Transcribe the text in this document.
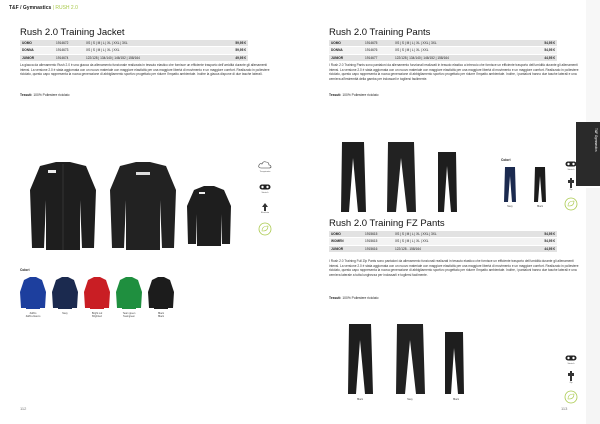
T&F / Gymnastics | RUSH 2.0
Rush 2.0 Training Jacket
UOMO	1914672	XS | S | M | L | XL | XXL | 3XL	59,95 €
DONNA	1914673	XS | S | M | L | XL | XXL	59,95 €
JUNIOR	1914674	122/128 | 134/140 | 146/152 | 158/164	49,95 €
La giacca da allenamento Rush 2.0 è una giacca da allenamento funzionale realizzata in tessuto elastico che fornisce un efficiente trasporto dell'umidità durante gli allenamenti intensi. La versione 2.0 è stata aggiornata con un nuovo materiale con maggiore elasticità per una maggiore libertà di movimento e un maggiore comfort. Realizzato in poliestere riciclato, questo capo rappresenta la nuova generazione di abbigliamento sportivo progettato per ridurre l'impatto ambientale. Inoltre la giacca dispone di due tasche laterali.
Tessuti: 100% Poliestere riciclato
Colori
Zaffiro
Zaffiro-bianco
Navy	Bright red
Brightred
Team green
Teamgreen
Black
Black
Traspirante
Stretch
Riciclato
112
Rush 2.0 Training Pants
UOMO	1914675	XS | S | M | L | XL | XXL | 3XL	54,95 €
DONNA	1914676	XS | S | M | L | XL | XXL	54,95 €
JUNIOR	1914677	122/128 | 134/140 | 146/152 | 158/164	44,95 €
I Rush 2.0 Training Pants sono pantaloni da allenamento funzionali realizzati in tessuto elastico a intreccio che fornisce un efficiente trasporto dell'umidità durante gli allenamenti intensi. La versione 2.0 è stata aggiornata con un nuovo materiale con maggiore elasticità per una maggiore libertà di movimento e un maggiore comfort. Realizzato in poliestere riciclato, questo capo rappresenta la nuova generazione di abbigliamento sportivo progettato per ridurre l'impatto ambientale. Inoltre, i pantaloni hanno due tasche laterali e una cerniera all'estremità della gamba per indossarli e togliersi facilmente.
Tessuti: 100% Poliestere riciclato
Colori
Navy	Black
Stretch
Zip
Rush 2.0 Training FZ Pants
UOMO	1915615	XS | S | M | L | XL | XXL | 3XL	54,95 €
WOMEN	1915615	XS | S | M | L | XL | XXL	54,95 €
JUNIOR	1915616	122/128 - 158/164	44,95 €
I Rush 2.0 Training Full Zip Pants sono pantaloni da allenamento funzionali realizzati in tessuto elastico che fornisce un efficiente trasporto dell'umidità durante gli allenamenti intensi. La versione 2.0 è stata aggiornata con un nuovo materiale con maggiore elasticità per una maggiore libertà di movimento e un maggiore comfort. Realizzato in poliestere riciclato, questo capo rappresenta la nuova generazione di abbigliamento sportivo progettato per ridurre l'impatto ambientale. Inoltre, i pantaloni hanno due tasche laterali e una cerniera laterale a tutta lunghezza per indossarli e togliersi facilmente.
Tessuti: 100% Poliestere riciclato
Black	Navy	Black
Stretch
Zip
113
T&F Gymnastics
